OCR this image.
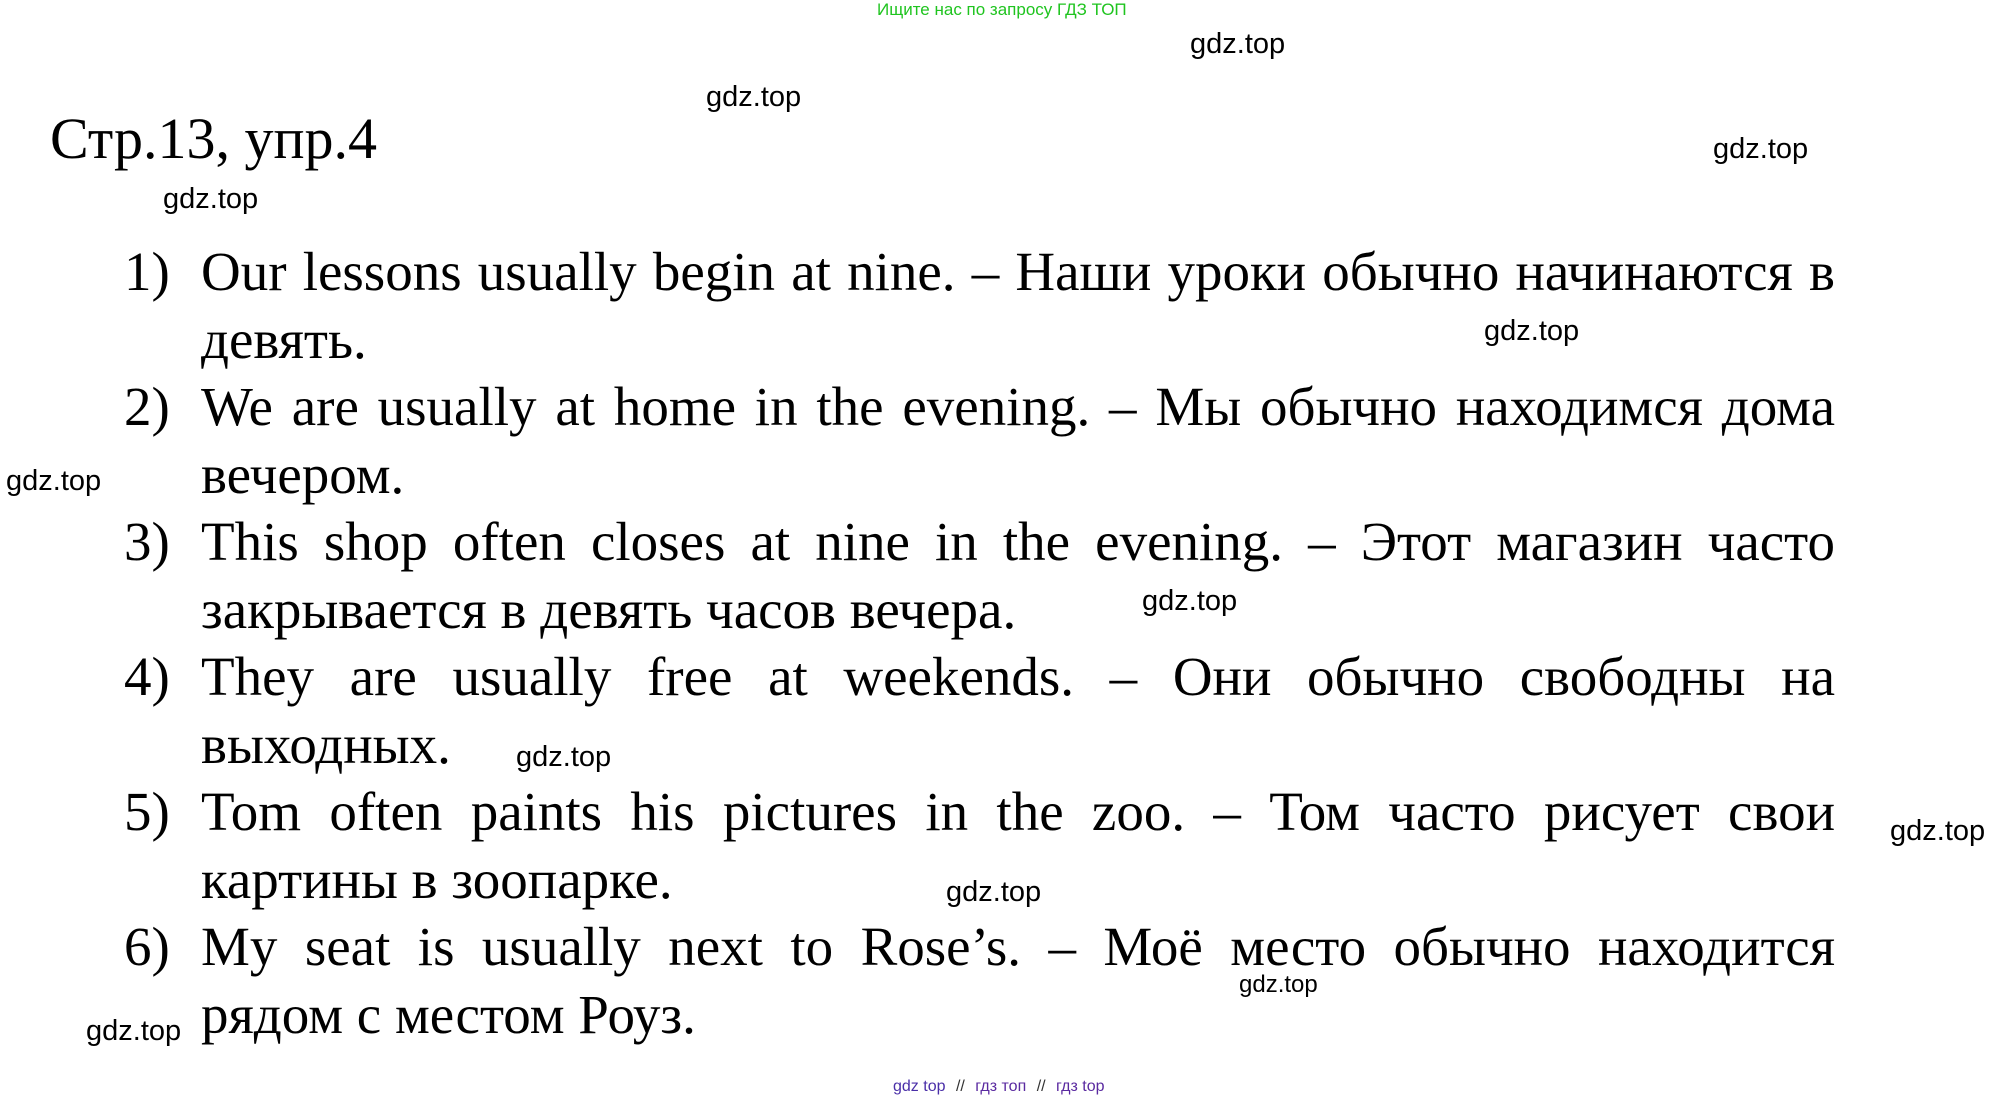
Ищите нас по запросу ГДЗ ТОП
Стр.13, упр.4
1) Our lessons usually begin at nine. – Наши уроки обычно начинаются в девять.
2) We are usually at home in the evening. – Мы обычно находимся дома вечером.
3) This shop often closes at nine in the evening. – Этот магазин часто закрывается в девять часов вечера.
4) They are usually free at weekends. – Они обычно свободны на выходных.
5) Tom often paints his pictures in the zoo. – Том часто рисует свои картины в зоопарке.
6) My seat is usually next to Rose’s. – Моё место обычно находится рядом с местом Роуз.
gdz.top
gdz.top
gdz.top
gdz.top
gdz.top
gdz.top
gdz.top
gdz.top
gdz.top
gdz.top
gdz.top
gdz.top
gdz top // гдз топ // гдз top
